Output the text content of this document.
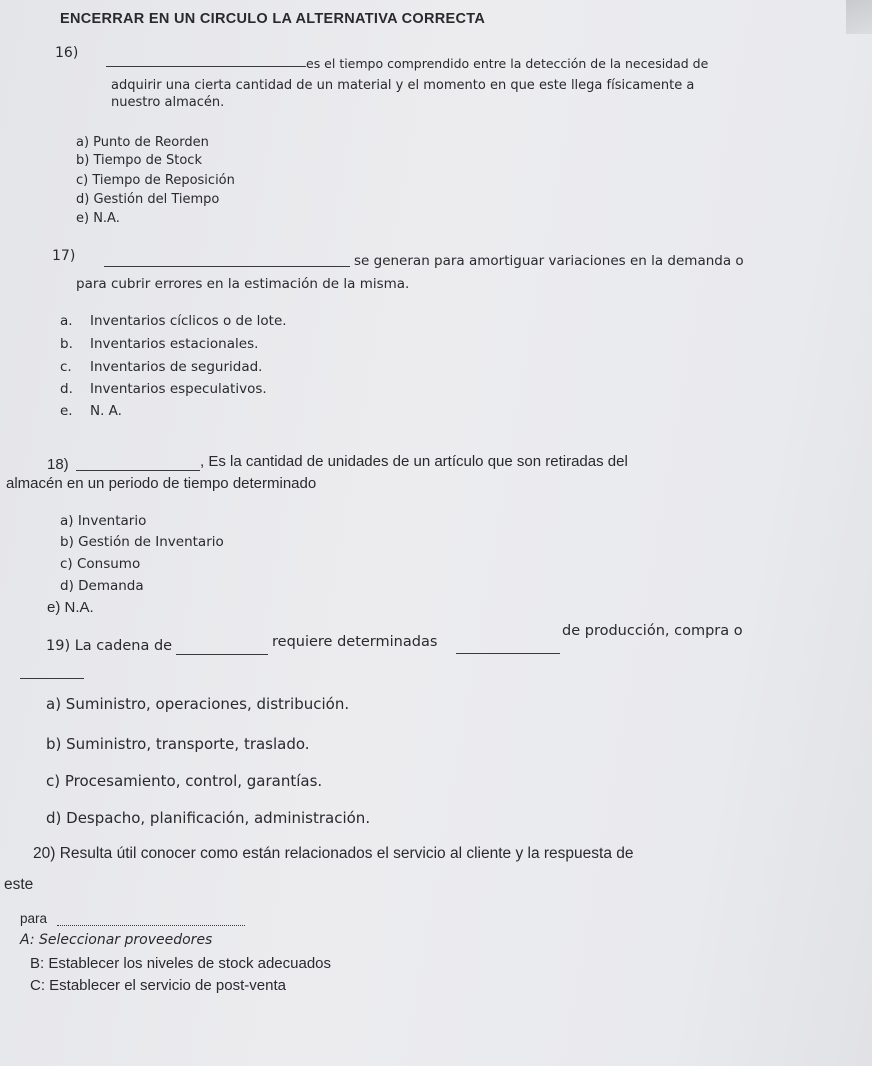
ENCERRAR EN UN CIRCULO LA ALTERNATIVA CORRECTA
16)
es el tiempo comprendido entre la detección de la necesidad de
adquirir una cierta cantidad de un material y el momento en que este llega físicamente a
nuestro almacén.
a) Punto de Reorden
b) Tiempo de Stock
c) Tiempo de Reposición
d) Gestión del Tiempo
e) N.A.
17)	se generan para amortiguar variaciones en la demanda o
para cubrir errores en la estimación de la misma.
a. Inventarios cíclicos o de lote.
b. Inventarios estacionales.
c. Inventarios de seguridad.
d. Inventarios especulativos.
e. N. A.
18)	, Es la cantidad de unidades de un artículo que son retiradas del
almacén en un periodo de tiempo determinado
a) Inventario
b) Gestión de Inventario
c) Consumo
d) Demanda
e) N.A.
19) La cadena de	requiere determinadas
de producción, compra o
a) Suministro, operaciones, distribución.
b) Suministro, transporte, traslado.
c) Procesamiento, control, garantías.
d) Despacho, planificación, administración.
20) Resulta útil conocer como están relacionados el servicio al cliente y la respuesta de
este
para
A: Seleccionar proveedores
B: Establecer los niveles de stock adecuados
C: Establecer el servicio de post-venta
